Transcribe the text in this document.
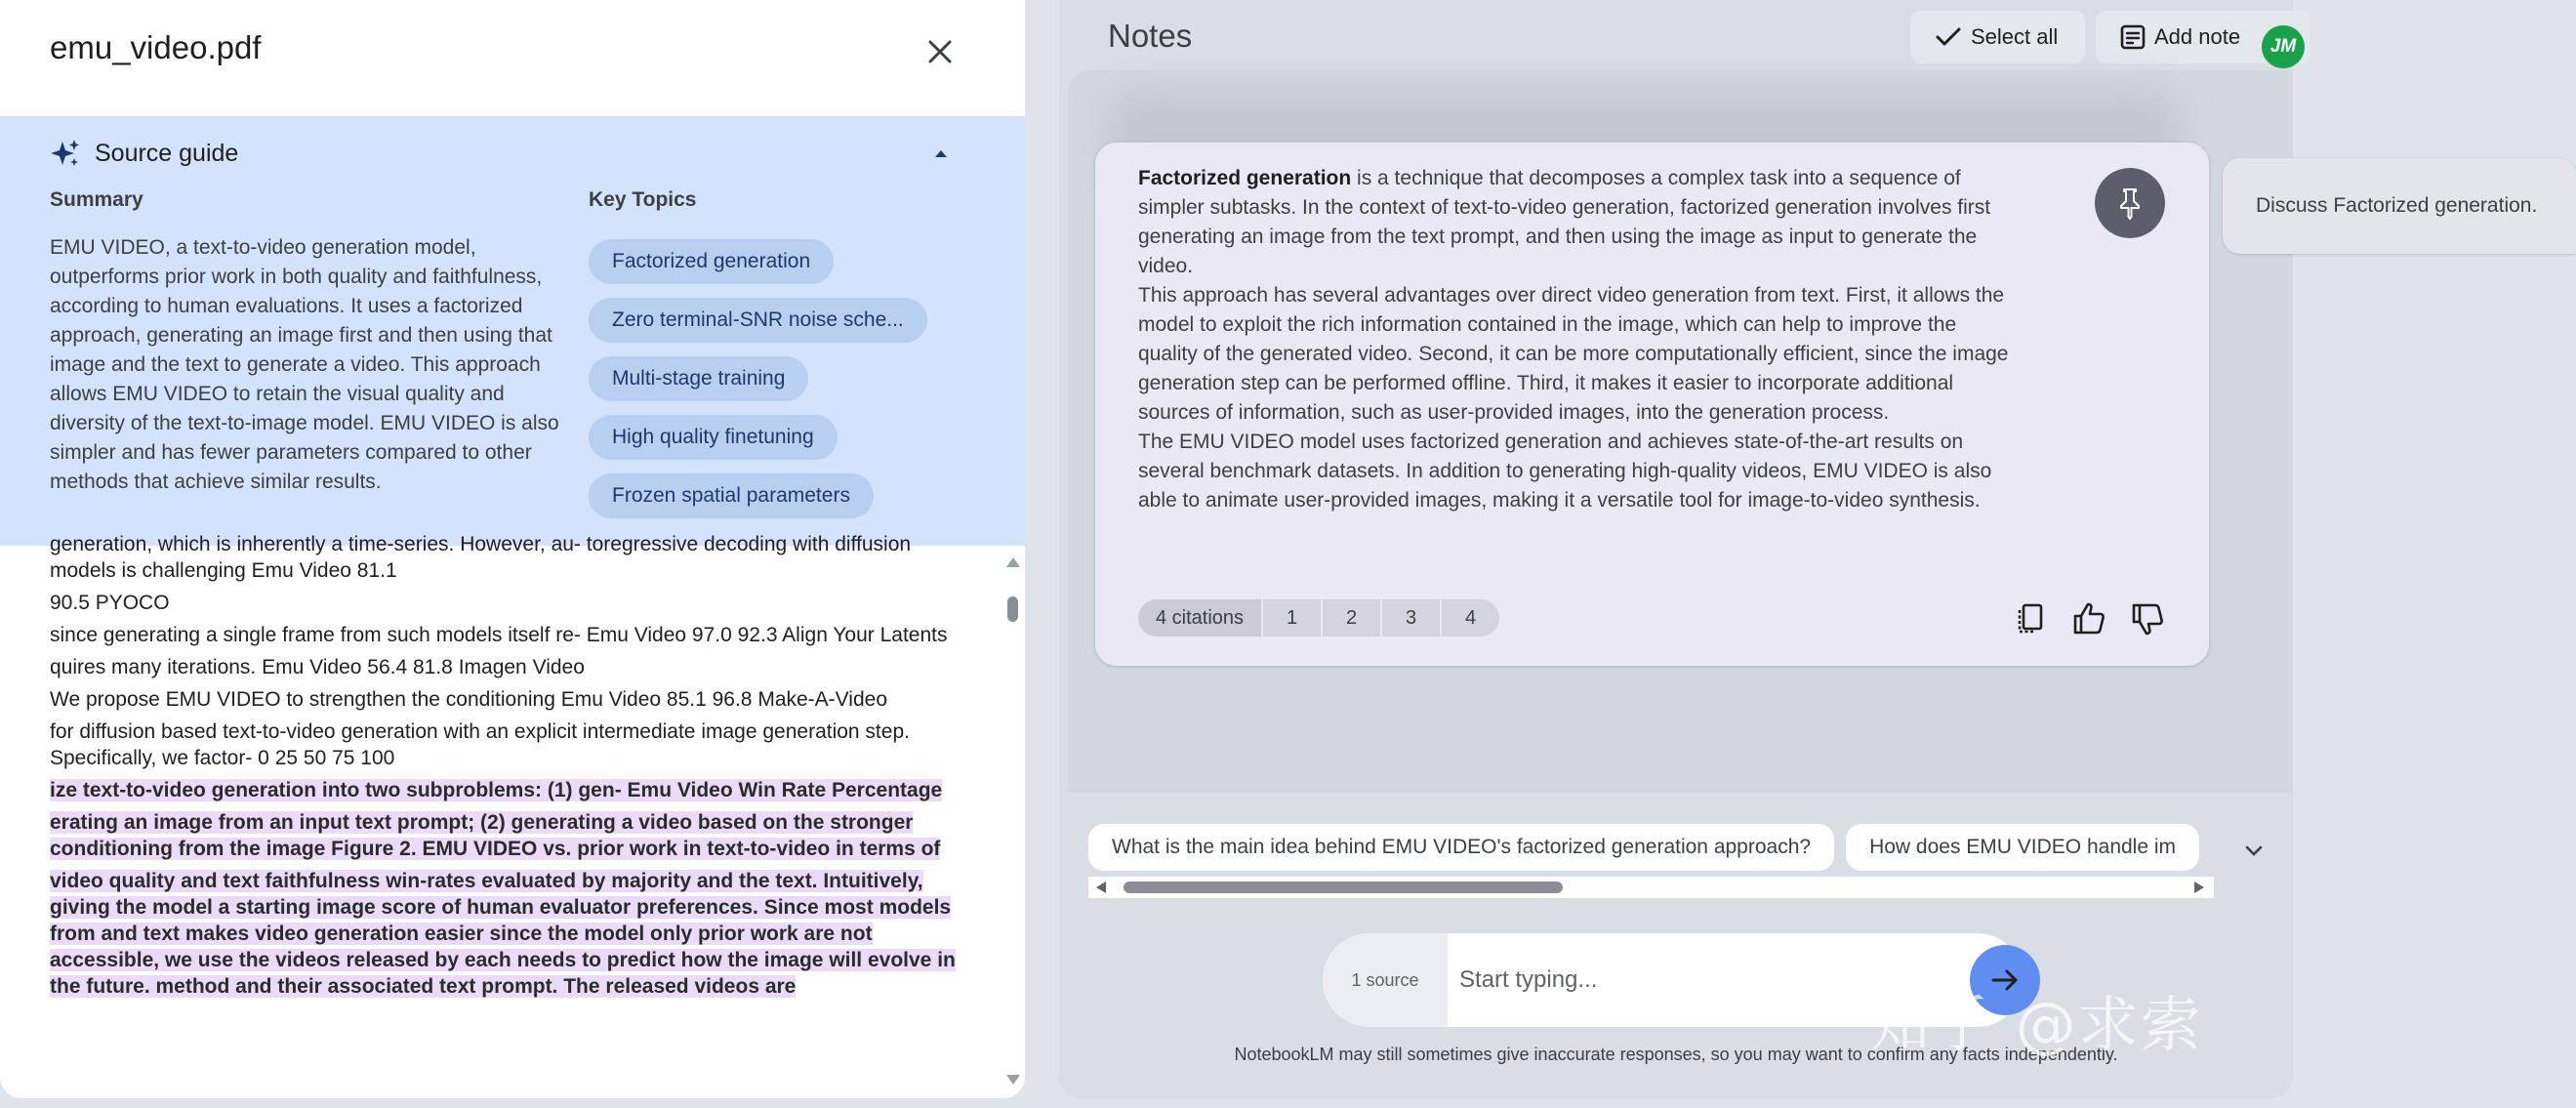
emu_video.pdf
Source guide
Summary
EMU VIDEO, a text-to-video generation model, outperforms prior work in both quality and faithfulness, according to human evaluations. It uses a factorized approach, generating an image first and then using that image and the text to generate a video. This approach allows EMU VIDEO to retain the visual quality and diversity of the text-to-image model. EMU VIDEO is also simpler and has fewer parameters compared to other methods that achieve similar results.
Key Topics
Factorized generation
Zero terminal-SNR noise sche...
Multi-stage training
High quality finetuning
Frozen spatial parameters
generation, which is inherently a time-series. However, au- toregressive decoding with diffusion models is challenging Emu Video 81.1
90.5 PYOCO
since generating a single frame from such models itself re- Emu Video 97.0 92.3 Align Your Latents
quires many iterations. Emu Video 56.4 81.8 Imagen Video
We propose EMU VIDEO to strengthen the conditioning Emu Video 85.1 96.8 Make-A-Video
for diffusion based text-to-video generation with an explicit intermediate image generation step. Specifically, we factor- 0 25 50 75 100
ize text-to-video generation into two subproblems: (1) gen- Emu Video Win Rate Percentage
erating an image from an input text prompt; (2) generating a video based on the stronger conditioning from the image Figure 2. EMU VIDEO vs. prior work in text-to-video in terms of
video quality and text faithfulness win-rates evaluated by majority and the text. Intuitively, giving the model a starting image score of human evaluator preferences. Since most models from and text makes video generation easier since the model only prior work are not accessible, we use the videos released by each needs to predict how the image will evolve in the future. method and their associated text prompt. The released videos are
Notes	Select all	Add note	JM
Discuss Factorized generation.

Factorized generation is a technique that decomposes a complex task into a sequence of simpler subtasks. In the context of text-to-video generation, factorized generation involves first generating an image from the text prompt, and then using the image as input to generate the video.

This approach has several advantages over direct video generation from text. First, it allows the model to exploit the rich information contained in the image, which can help to improve the quality of the generated video. Second, it can be more computationally efficient, since the image generation step can be performed offline. Third, it makes it easier to incorporate additional sources of information, such as user-provided images, into the generation process.

The EMU VIDEO model uses factorized generation and achieves state-of-the-art results on several benchmark datasets. In addition to generating high-quality videos, EMU VIDEO is also able to animate user-provided images, making it a versatile tool for image-to-video synthesis.

4 citations	1	2	3	4
What is the main idea behind EMU VIDEO's factorized generation approach?	How does EMU VIDEO handle im
1 source
Start typing...
NotebookLM may still sometimes give inaccurate responses, so you may want to confirm any facts independently.
知乎 @求索
